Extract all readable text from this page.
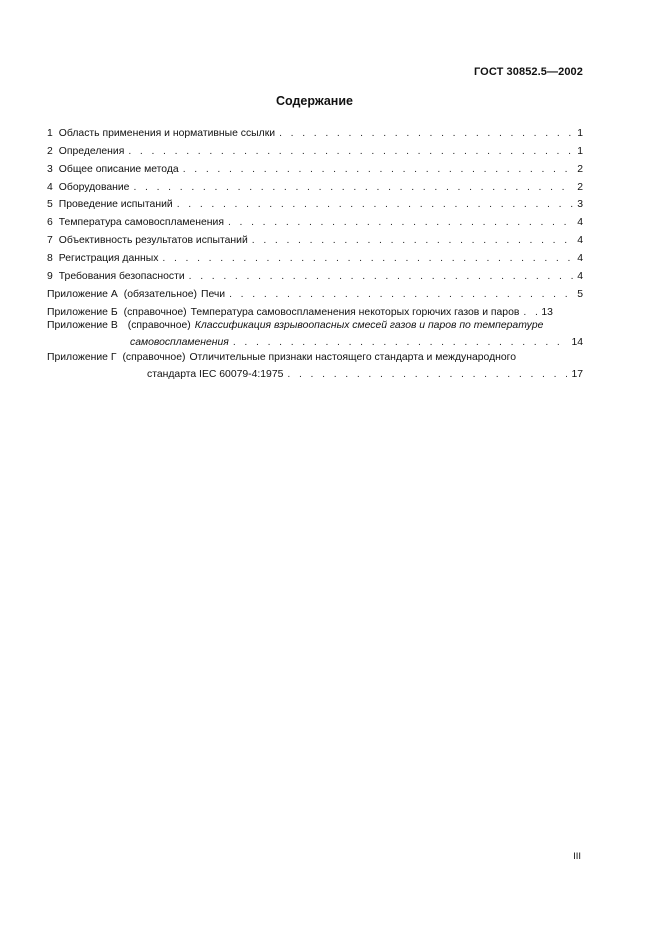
ГОСТ 30852.5—2002
Содержание
1 Область применения и нормативные ссылки . . .	1
2 Определения . . .	1
3 Общее описание метода . . .	2
4 Оборудование . . .	2
5 Проведение испытаний . . .	3
6 Температура самовоспламенения . . .	4
7 Объективность результатов испытаний . . .	4
8 Регистрация данных . . .	4
9 Требования безопасности . . .	4
Приложение А (обязательное) Печи . . .	5
Приложение Б (справочное) Температура самовоспламенения некоторых горючих газов и паров . . . 13
Приложение В (справочное) Классификация взрывоопасных смесей газов и паров по температуре
самовоспламенения . . .	14
Приложение Г (справочное) Отличительные признаки настоящего стандарта и международного
стандарта IEC 60079-4:1975 . . .	17
III
